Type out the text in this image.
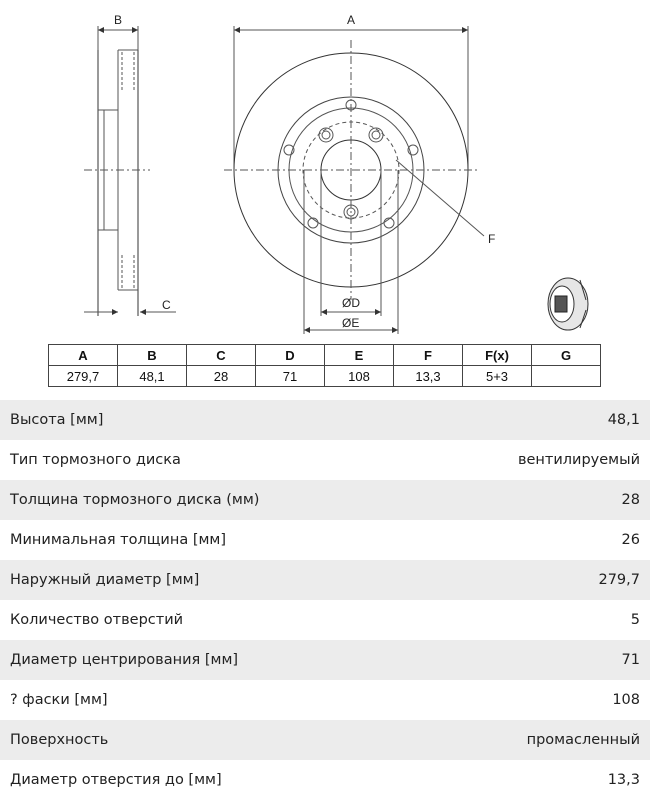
B	A
C	ØD
ØE
F
A	B	C	D	E	F	F(x)	G
279,7	48,1	28	71	108	13,3	5+3	
Высота [мм]	48,1
Тип тормозного диска	вентилируемый
Толщина тормозного диска (мм)	28
Минимальная толщина [мм]	26
Наружный диаметр [мм]	279,7
Количество отверстий	5
Диаметр центрирования [мм]	71
? фаски [мм]	108
Поверхность	промасленный
Диаметр отверстия до [мм]	13,3
